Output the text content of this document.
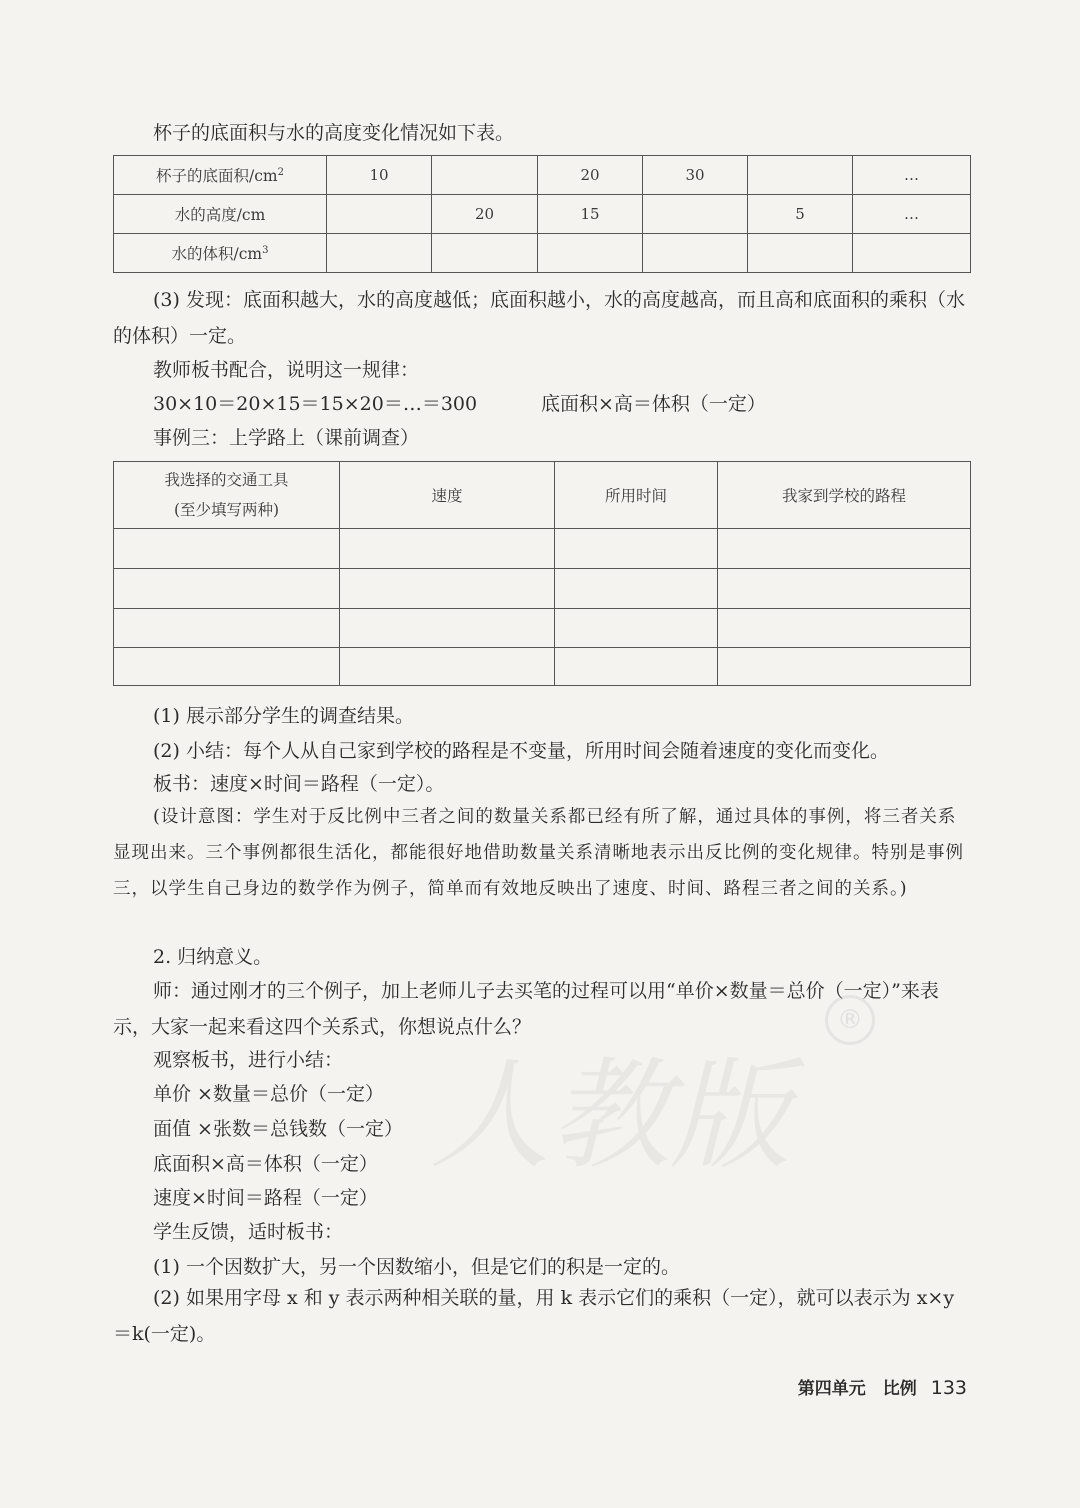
人教版
®
杯子的底面积与水的高度变化情况如下表。
杯子的底面积$/cm^2$	10		20	30		…
水的高度/cm		20	15		5	…
水的体积$/cm^3$						
(3) 发现：底面积越大，水的高度越低；底面积越小，水的高度越高，而且高和底面积的乘积（水的体积）一定。
教师板书配合，说明这一规律：
30×10＝20×15＝15×20＝…＝300	底面积×高＝体积（一定）
事例三：上学路上（课前调查）
我选择的交通工具
(至少填写两种)	速度	所用时间	我家到学校的路程

(1) 展示部分学生的调查结果。
(2) 小结：每个人从自己家到学校的路程是不变量，所用时间会随着速度的变化而变化。
板书：速度×时间＝路程（一定）。
(设计意图：学生对于反比例中三者之间的数量关系都已经有所了解，通过具体的事例，将三者关系显现出来。三个事例都很生活化，都能很好地借助数量关系清晰地表示出反比例的变化规律。特别是事例三，以学生自己身边的数学作为例子，简单而有效地反映出了速度、时间、路程三者之间的关系。)
2. 归纳意义。
师：通过刚才的三个例子，加上老师儿子去买笔的过程可以用“单价×数量＝总价（一定）”来表示，大家一起来看这四个关系式，你想说点什么？
观察板书，进行小结：
单价 ×数量＝总价（一定）
面值 ×张数＝总钱数（一定）
底面积×高＝体积（一定）
速度×时间＝路程（一定）
学生反馈，适时板书：
(1) 一个因数扩大，另一个因数缩小，但是它们的积是一定的。
(2) 如果用字母 x 和 y 表示两种相关联的量，用 k 表示它们的乘积（一定），就可以表示为 x×y＝k(一定)。
第四单元　比例 133
